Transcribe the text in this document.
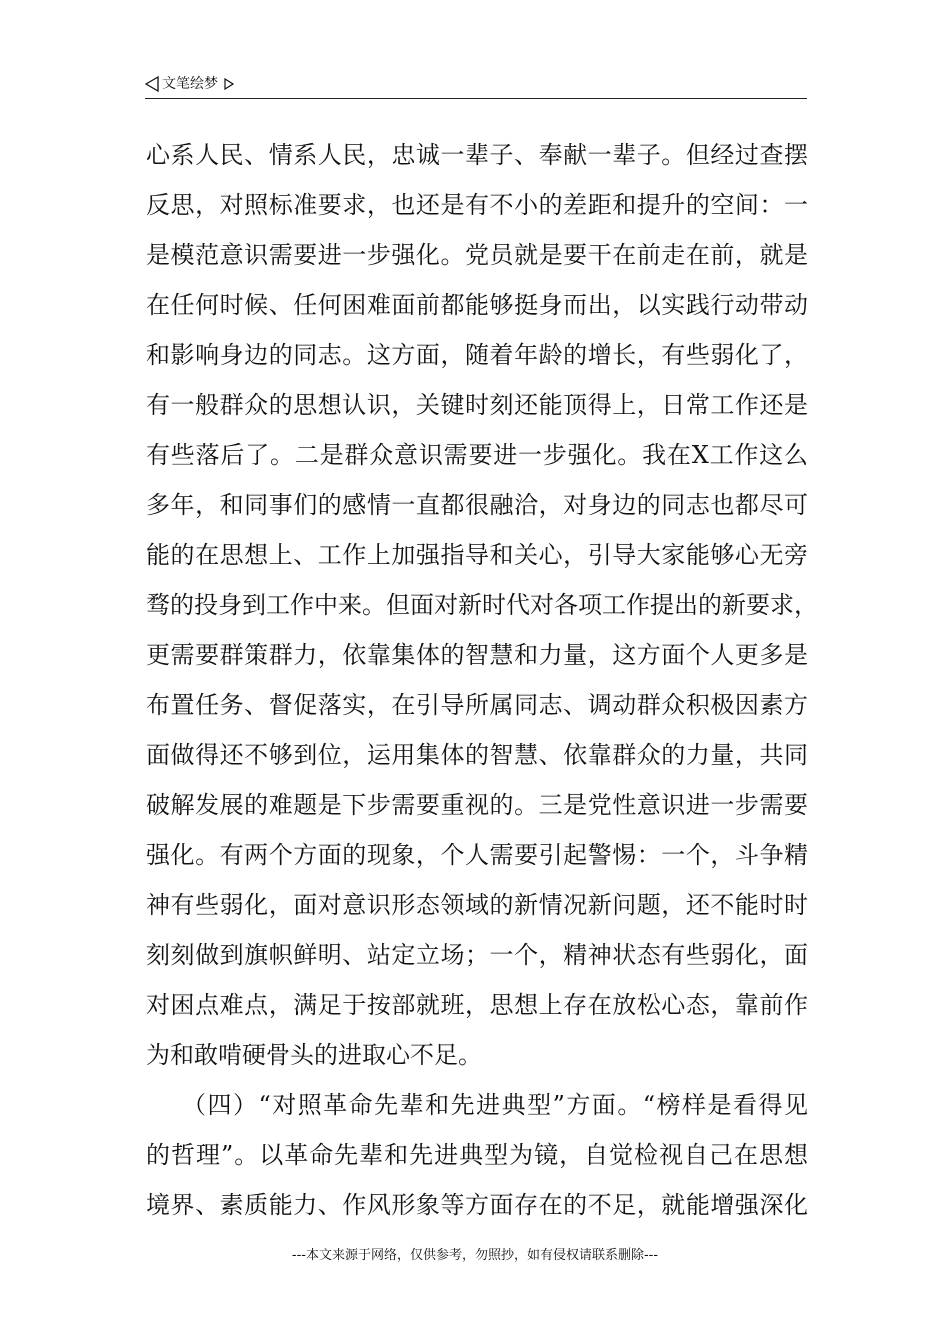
文笔绘梦
心系人民、情系人民，忠诚一辈子、奉献一辈子。但经过查摆
反思，对照标准要求，也还是有不小的差距和提升的空间：一
是模范意识需要进一步强化。党员就是要干在前走在前，就是
在任何时候、任何困难面前都能够挺身而出，以实践行动带动
和影响身边的同志。这方面，随着年龄的增长，有些弱化了，
有一般群众的思想认识，关键时刻还能顶得上，日常工作还是
有些落后了。二是群众意识需要进一步强化。我在X工作这么
多年，和同事们的感情一直都很融洽，对身边的同志也都尽可
能的在思想上、工作上加强指导和关心，引导大家能够心无旁
骛的投身到工作中来。但面对新时代对各项工作提出的新要求，
更需要群策群力，依靠集体的智慧和力量，这方面个人更多是
布置任务、督促落实，在引导所属同志、调动群众积极因素方
面做得还不够到位，运用集体的智慧、依靠群众的力量，共同
破解发展的难题是下步需要重视的。三是党性意识进一步需要
强化。有两个方面的现象，个人需要引起警惕：一个，斗争精
神有些弱化，面对意识形态领域的新情况新问题，还不能时时
刻刻做到旗帜鲜明、站定立场；一个，精神状态有些弱化，面
对困点难点，满足于按部就班，思想上存在放松心态，靠前作
为和敢啃硬骨头的进取心不足。
（四）“对照革命先辈和先进典型”方面。“榜样是看得见
的哲理”。以革命先辈和先进典型为镜，自觉检视自己在思想
境界、素质能力、作风形象等方面存在的不足，就能增强深化
---本文来源于网络，仅供参考，勿照抄，如有侵权请联系删除---
